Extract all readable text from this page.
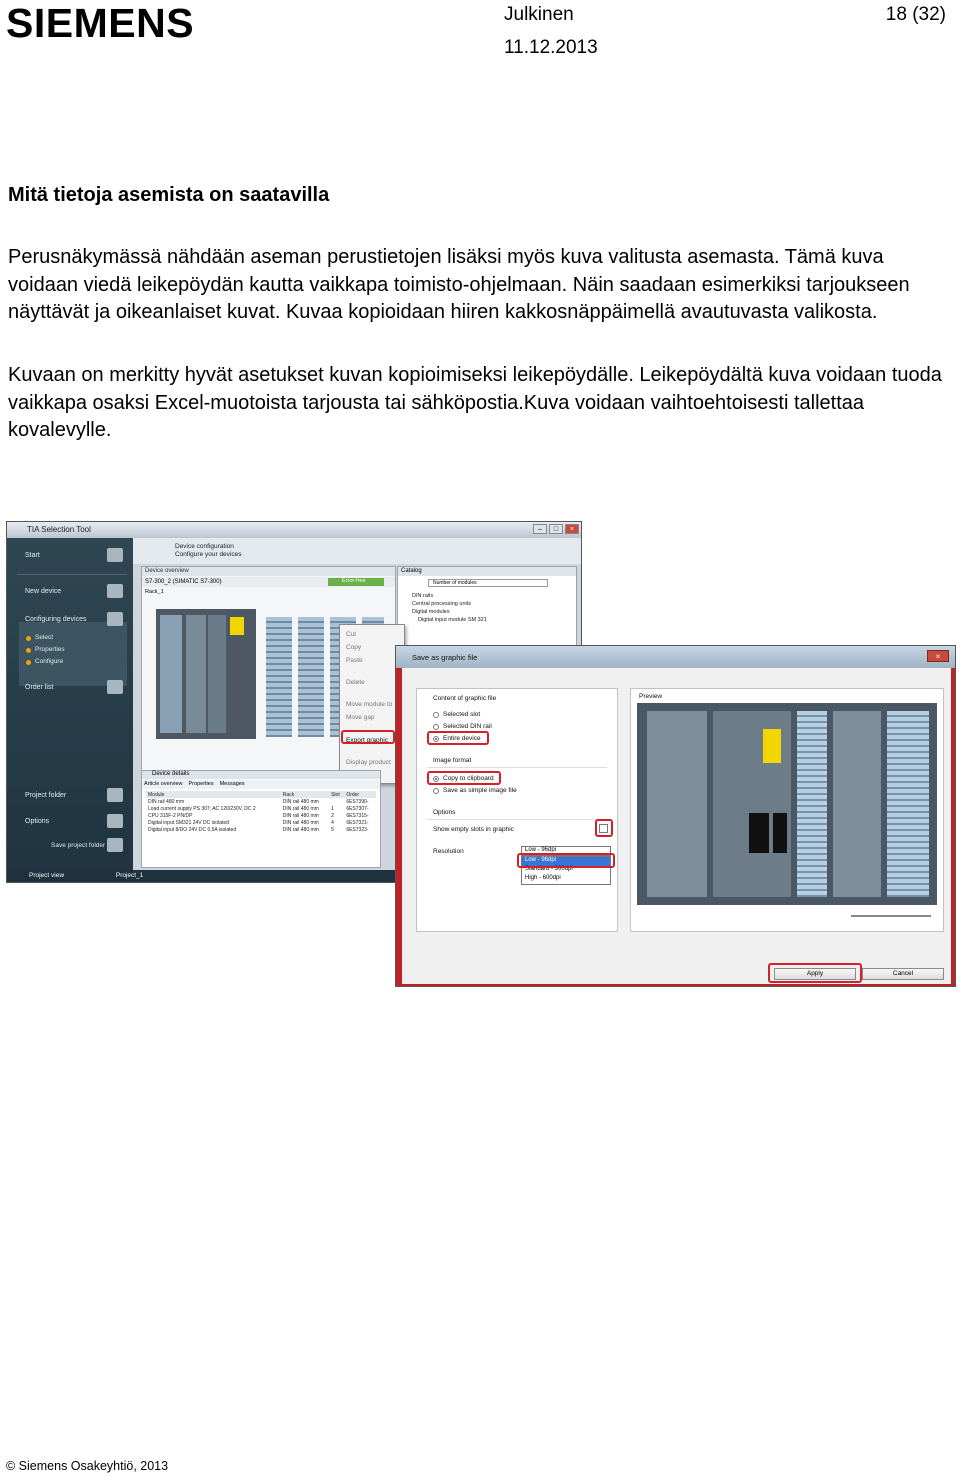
SIEMENS	Julkinen
11.12.2013
18 (32)
Mitä tietoja asemista on saatavilla
Perusnäkymässä nähdään aseman perustietojen lisäksi myös kuva valitusta asemasta. Tämä kuva voidaan viedä leikepöydän kautta vaikkapa toimisto-ohjelmaan. Näin saadaan esimerkiksi tarjoukseen näyttävät ja oikeanlaiset kuvat. Kuvaa kopioidaan hiiren kakkosnäppäimellä avautuvasta valikosta.
Kuvaan on merkitty hyvät asetukset kuvan kopioimiseksi leikepöydälle. Leikepöydältä kuva voidaan tuoda vaikkapa osaksi Excel-muotoista tarjousta tai sähköpostia.Kuva voidaan vaihtoehtoisesti tallettaa kovalevylle.
TIA Selection Tool	–	□	×
Start
New device
Configuring devices
Select
Properties
Configure
Order list
Project folder
Options
Save project folder
Device configuration
Configure your devices
Device overview
S7-300_2 (SIMATIC S7-300)	Error-free
Rack_1
Catalog
Number of modules
DIN rails
Central processing units
Digital modules
Digital input module SM 321
Cut
Copy
Paste
Delete
Move module to
Move gap
Export graphic
Display product
Device details
Article overview Properties Messages
Module	Rack	Slot	Order
DIN rail 480 mm	DIN rail 480 mm		6ES7390-
Load current supply PS 307; AC 120/230V, DC 2	DIN rail 480 mm	1	6ES7307-
CPU 315F-2 PN/DP	DIN rail 480 mm	2	6ES7315-
Digital input SM321 24V DC isolated	DIN rail 480 mm	4	6ES7321-
Digital input 8/DO 24V DC 0,5A isolated	DIN rail 480 mm	5	6ES7323-
Project view	Project_1
Save as graphic file	×
Content of graphic file
Selected slot
Selected DIN rail
Entire device
Image format
Copy to clipboard
Save as simple image file
Options
Show empty slots in graphic
Resolution	Low - 96dpi
Low - 96dpi
Standard - 300dpi
High - 600dpi
Preview
Apply	Cancel
© Siemens Osakeyhtiö, 2013
